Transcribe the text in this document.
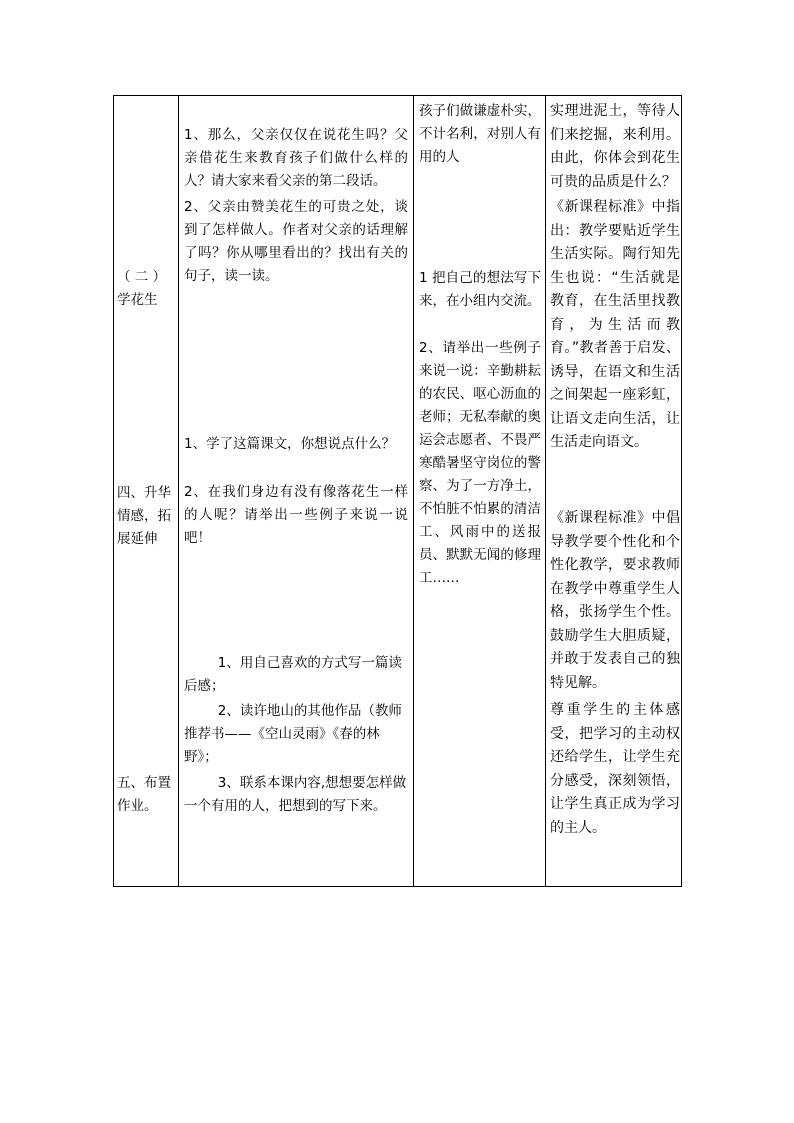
（ 二 ）学花生
四、升华情感，拓展延伸
五、布置作业。
1、那么，父亲仅仅在说花生吗？父亲借花生来教育孩子们做什么样的人？请大家来看父亲的第二段话。
2、父亲由赞美花生的可贵之处，谈到了怎样做人。作者对父亲的话理解了吗？你从哪里看出的？找出有关的句子，读一读。
1、学了这篇课文，你想说点什么？
2、在我们身边有没有像落花生一样的人呢？请举出一些例子来说一说吧！
1、用自己喜欢的方式写一篇读后感；
2、读许地山的其他作品（教师推荐书——《空山灵雨》《春的林野》；
3、联系本课内容,想想要怎样做一个有用的人，把想到的写下来。
孩子们做谦虚朴实，不计名利，对别人有用的人
1 把自己的想法写下来，在小组内交流。
2、请举出一些例子来说一说：辛勤耕耘的农民、呕心沥血的老师；无私奉献的奥运会志愿者、不畏严寒酷暑坚守岗位的警察、为了一方净土，不怕脏不怕累的清洁工、风雨中的送报员、默默无闻的修理工……
实理进泥土，等待人们来挖掘，来利用。由此，你体会到花生可贵的品质是什么？
《新课程标准》中指出：教学要贴近学生生活实际。陶行知先生也说：“生活就是教育，在生活里找教育，为生活而教育。”教者善于启发、诱导，在语文和生活之间架起一座彩虹，让语文走向生活，让生活走向语文。
《新课程标准》中倡导教学要个性化和个性化教学，要求教师在教学中尊重学生人格，张扬学生个性。鼓励学生大胆质疑，并敢于发表自己的独特见解。
尊重学生的主体感受，把学习的主动权还给学生，让学生充分感受，深刻领悟，让学生真正成为学习的主人。
